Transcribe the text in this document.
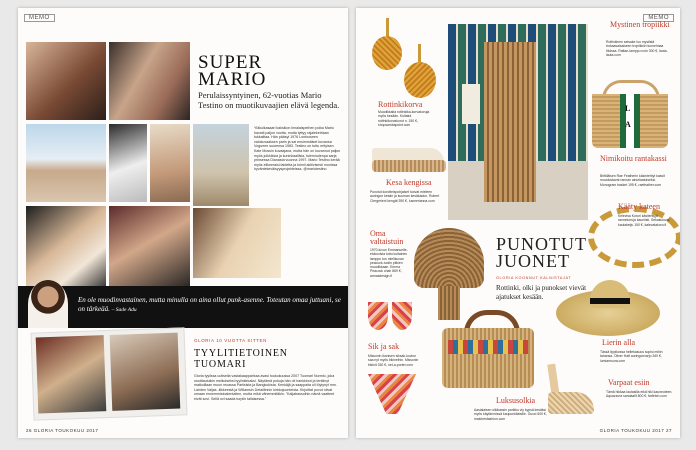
MEMO
SUPER
MARIO
Perulaissyntyinen, 62-vuotias Mario Testino on muotikuvaajien elävä legenda.
Yläkulkasaari kaksikon lirnalaispeihen poika Mario havaiti paljon vuotta, mutta tyttyy rajaleketrlaan tukkailtaa. Hän pääsyi 1976 Lontooseen valokuvaaksen parin ja sai ensimmäiset kuvansa Vogueen suurensa 1983. Testino on tuttu erityisen Kate Mossin kuvaajana, mutta hän on kuvannut paljon myös julkkiksia ja kuninkaallisia, tulemiudenpa sarja prinsessa Dianasta vuonna 1997. Mario Testino kerää myös elikeeraisi taidetta ja toimii aktiivisesti monissa hyväntekeväisyysprojekteissa. @mariotestino
En ole muodinvastainen, mutta minulla on aina ollut punk-asenne. Toteutan omaa juttuani, se on tärkeää. – Sade Adu
GLORIA 10 VUOTTA SITTEN
TYYLITIETOINEN
TUOMARI
Gloria tyylissa uutisella vastakaapparissa avasi toukokuussa 2007 Tuomari Nurmio, joka osoittautuikin melkoiseksi tyylinkirkaksi. Näytämä pukuja hän oli hankkinut ja tenttinyt matkoillaan muun muassa Pariisista ja Bangkokista. Kenkäjä ja saappaita oli löytynyt mm. Lahden Valjas -liikkeestä ja Willamsin Detaillinnin kirkkojuonteista. Kirjoittat puvut olivat omaan ennemmistoalentaiten, mutta mikä vähemmitäkin. "Kaljabassoihin nämä vaatteet eivät sovi. Sellä ovi saada turpiin tallaisessa."
26 GLORIA TOUKOKUU 2017
MEMO
Rottinkikorva
Muodikkaita rottinkika-korvakoruja myös kesään. Kultatut rottinkikorvakorut n. 150 €, shopsambapoint.com
Mystinen tropiikki
Rottinkinen seisake luo mystistä trokaasaisaiseen tropiikkiin tunnelmaa tiloissa. Rattan-lamppu noin 300 €, lauta-lauta.com
L
A
Nimikoitu rantakassi
Brittiläisen Rae Featherin käsintehtyt kassit muodostavat rannan ainutlaatuiseksi. Monogram basket 195 €, raefeather.com
Kesa kengissa
Punotut korotteispohjaiset tuovat mieleen auringon kesän ja kuuman kesäkadun. Robert Clergerieni kengät 390 €, lusmerianna.com
Oma valtaistuin
1970-luvun Emmanuelle-elokuvista tuttu kultainen lamppu tuo mielikuvan peacock-tuolin pitkien muodikkaan. Emma Peacock chair 869 €, armasdesign.fi
PUNOTUT
JUONET
GLORIA KOONNUT KALNISTAJAT
Rottinki, olki ja punokset vievät ajatukset kesään.
Kääty kateen
Kelevisa Koruri käsitehtyjä rannekoruja kauniisti. Sekakuluvat kaulaketju 150 €, kalevalakoru.fi
Sik ja sak
Missonin ikonisen siksak-kuvion saa nyt myös bikineihin. Missonin bikinit 330 €, net-a-porter.com
Luksusolkia
Aasialaisen olkikassin parikku viy kypsä kesäksi myös käytännössä kaupunkilaisille. Gucci 600 €, matchesfashion.com
Lierin alla
Tässä lippikossa hellekasuus sopisi mihin tahansa. Oliver Hatt auringonvarjo 260 €, lumiamoura.com
Varpaat esiin
Tämä hikkaa lautasilla eikä hiki kauneuteen. Aquazzura sandaalit 800 €, farfetch.com
GLORIA TOUKOKUU 2017 27
